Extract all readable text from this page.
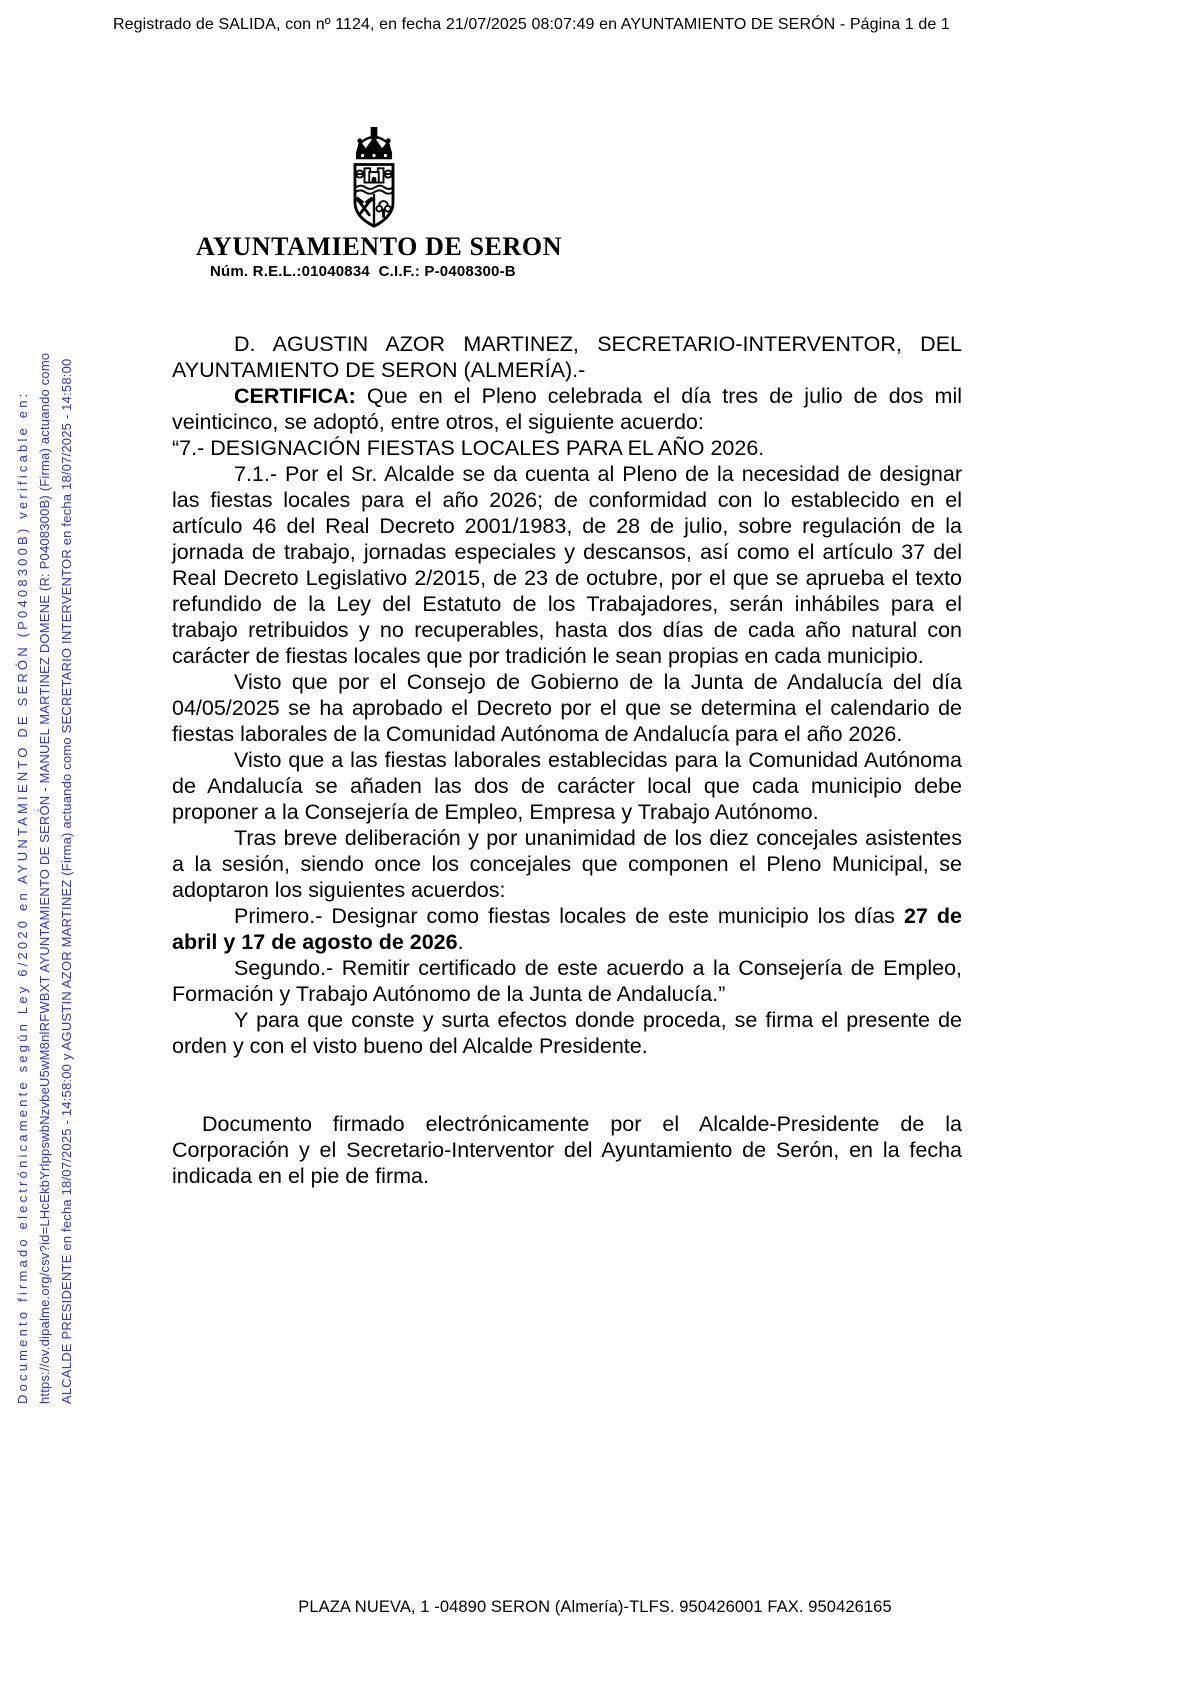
Registrado de SALIDA, con nº 1124, en fecha 21/07/2025 08:07:49 en AYUNTAMIENTO DE SERÓN - Página 1 de 1
AYUNTAMIENTO DE SERON
Núm. R.E.L.:01040834  C.I.F.: P-0408300-B

D. AGUSTIN AZOR MARTINEZ, SECRETARIO-INTERVENTOR, DEL AYUNTAMIENTO DE SERON (ALMERÍA).-

CERTIFICA: Que en el Pleno celebrada el día tres de julio de dos mil veinticinco, se adoptó, entre otros, el siguiente acuerdo:

“7.- DESIGNACIÓN FIESTAS LOCALES PARA EL AÑO 2026.

7.1.- Por el Sr. Alcalde se da cuenta al Pleno de la necesidad de designar las fiestas locales para el año 2026; de conformidad con lo establecido en el artículo 46 del Real Decreto 2001/1983, de 28 de julio, sobre regulación de la jornada de trabajo, jornadas especiales y descansos, así como el artículo 37 del Real Decreto Legislativo 2/2015, de 23 de octubre, por el que se aprueba el texto refundido de la Ley del Estatuto de los Trabajadores, serán inhábiles para el trabajo retribuidos y no recuperables, hasta dos días de cada año natural con carácter de fiestas locales que por tradición le sean propias en cada municipio.

Visto que por el Consejo de Gobierno de la Junta de Andalucía del día 04/05/2025 se ha aprobado el Decreto por el que se determina el calendario de fiestas laborales de la Comunidad Autónoma de Andalucía para el año 2026.

Visto que a las fiestas laborales establecidas para la Comunidad Autónoma de Andalucía se añaden las dos de carácter local que cada municipio debe proponer a la Consejería de Empleo, Empresa y Trabajo Autónomo.

Tras breve deliberación y por unanimidad de los diez concejales asistentes a la sesión, siendo once los concejales que componen el Pleno Municipal, se adoptaron los siguientes acuerdos:

Primero.- Designar como fiestas locales de este municipio los días 27 de abril y 17 de agosto de 2026.

Segundo.- Remitir certificado de este acuerdo a la Consejería de Empleo, Formación y Trabajo Autónomo de la Junta de Andalucía.”

Y para que conste y surta efectos donde proceda, se firma el presente de orden y con el visto bueno del Alcalde Presidente.

Documento firmado electrónicamente por el Alcalde-Presidente de la Corporación y el Secretario-Interventor del Ayuntamiento de Serón, en la fecha indicada en el pie de firma.

Documento firmado electrónicamente según Ley 6/2020 en AYUNTAMIENTO DE SERÓN (P0408300B) verificable en: https://ov.dipalme.org/csv?id=LHcEkbYrlppswbNzvbeU5wM8nlRFWBXT AYUNTAMIENTO DE SERÓN - MANUEL MARTINEZ DOMENE (R: P0408300B) (Firma) actuando como ALCALDE PRESIDENTE en fecha 18/07/2025 - 14:58:00 y AGUSTIN AZOR MARTINEZ (Firma) actuando como SECRETARIO INTERVENTOR en fecha 18/07/2025 - 14:58:00
PLAZA NUEVA, 1 -04890 SERON (Almería)-TLFS. 950426001 FAX. 950426165
